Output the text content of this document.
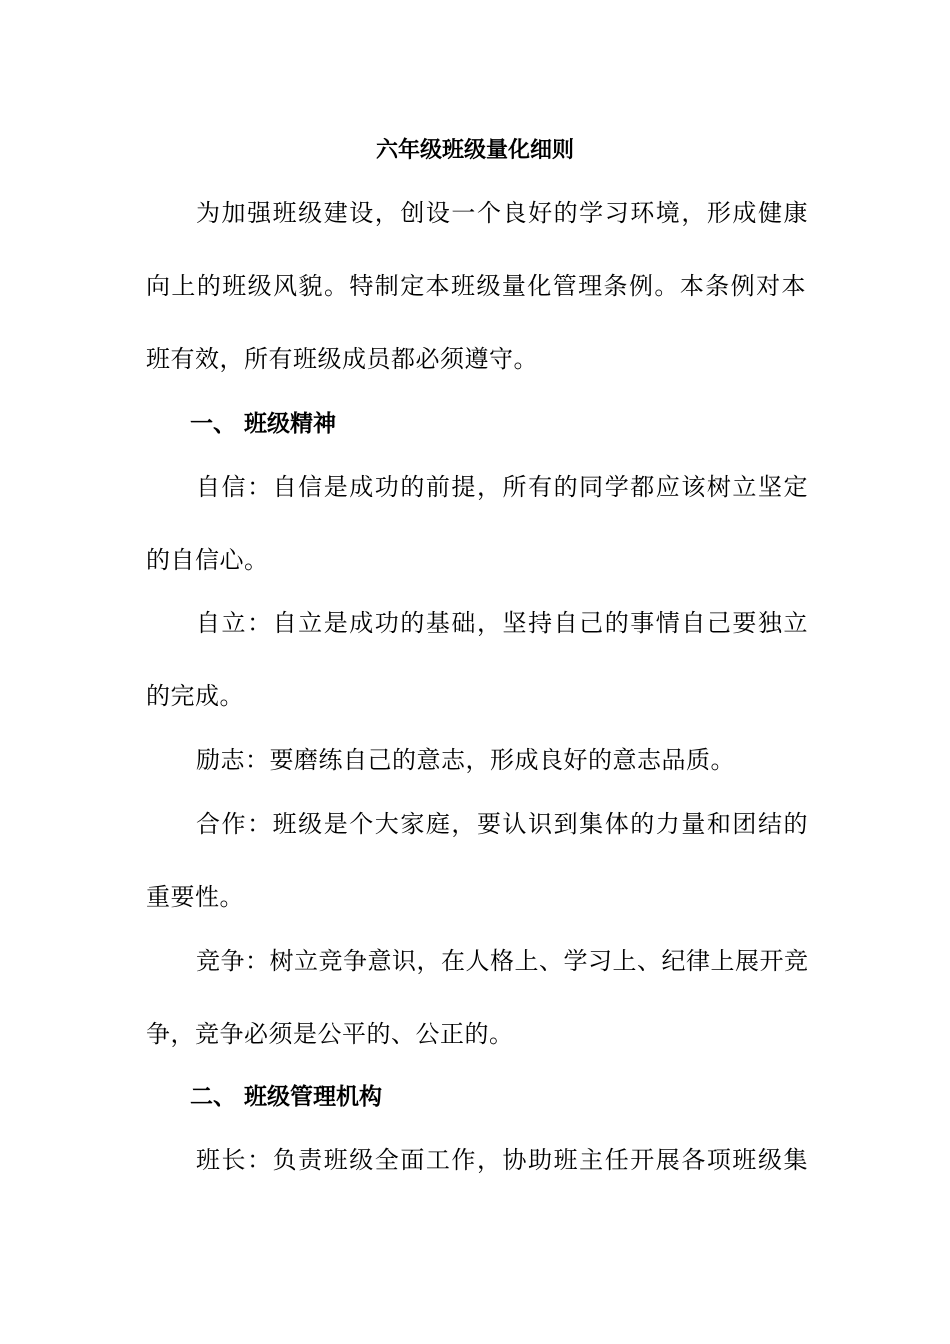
六年级班级量化细则
为加强班级建设，创设一个良好的学习环境，形成健康
向上的班级风貌。特制定本班级量化管理条例。本条例对本
班有效，所有班级成员都必须遵守。
一、 班级精神
自信：自信是成功的前提，所有的同学都应该树立坚定
的自信心。
自立：自立是成功的基础，坚持自己的事情自己要独立
的完成。
励志：要磨练自己的意志，形成良好的意志品质。
合作：班级是个大家庭，要认识到集体的力量和团结的
重要性。
竞争：树立竞争意识，在人格上、学习上、纪律上展开竞
争，竞争必须是公平的、公正的。
二、 班级管理机构
班长：负责班级全面工作，协助班主任开展各项班级集
